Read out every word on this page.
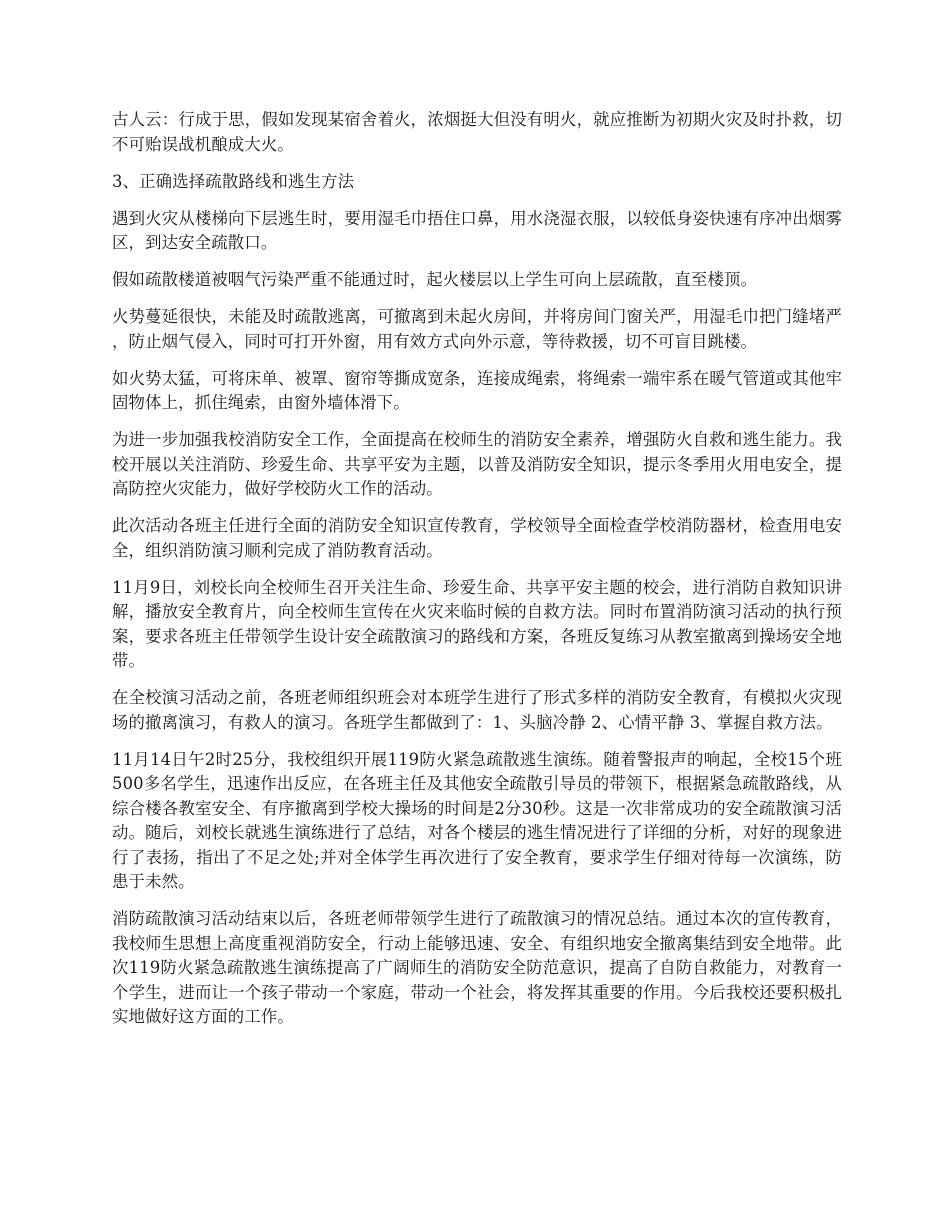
古人云：行成于思，假如发现某宿舍着火，浓烟挺大但没有明火，就应推断为初期火灾及时扑救，切不可贻误战机酿成大火。

3、正确选择疏散路线和逃生方法

遇到火灾从楼梯向下层逃生时，要用湿毛巾捂住口鼻，用水浇湿衣服，以较低身姿快速有序冲出烟雾区，到达安全疏散口。

假如疏散楼道被咽气污染严重不能通过时，起火楼层以上学生可向上层疏散，直至楼顶。

火势蔓延很快，未能及时疏散逃离，可撤离到未起火房间，并将房间门窗关严，用湿毛巾把门缝堵严，防止烟气侵入，同时可打开外窗，用有效方式向外示意，等待救援，切不可盲目跳楼。

如火势太猛，可将床单、被罩、窗帘等撕成宽条，连接成绳索，将绳索一端牢系在暖气管道或其他牢固物体上，抓住绳索，由窗外墙体滑下。

为进一步加强我校消防安全工作，全面提高在校师生的消防安全素养，增强防火自救和逃生能力。我校开展以关注消防、珍爱生命、共享平安为主题，以普及消防安全知识，提示冬季用火用电安全，提高防控火灾能力，做好学校防火工作的活动。

此次活动各班主任进行全面的消防安全知识宣传教育，学校领导全面检查学校消防器材，检查用电安全，组织消防演习顺利完成了消防教育活动。

11月9日，刘校长向全校师生召开关注生命、珍爱生命、共享平安主题的校会，进行消防自救知识讲解，播放安全教育片，向全校师生宣传在火灾来临时候的自救方法。同时布置消防演习活动的执行预案，要求各班主任带领学生设计安全疏散演习的路线和方案，各班反复练习从教室撤离到操场安全地带。

在全校演习活动之前，各班老师组织班会对本班学生进行了形式多样的消防安全教育，有模拟火灾现场的撤离演习，有救人的演习。各班学生都做到了：1、头脑冷静 2、心情平静 3、掌握自救方法。

11月14日午2时25分，我校组织开展119防火紧急疏散逃生演练。随着警报声的响起，全校15个班500多名学生，迅速作出反应，在各班主任及其他安全疏散引导员的带领下，根据紧急疏散路线，从综合楼各教室安全、有序撤离到学校大操场的时间是2分30秒。这是一次非常成功的安全疏散演习活动。随后，刘校长就逃生演练进行了总结，对各个楼层的逃生情况进行了详细的分析，对好的现象进行了表扬，指出了不足之处;并对全体学生再次进行了安全教育，要求学生仔细对待每一次演练，防患于未然。

消防疏散演习活动结束以后，各班老师带领学生进行了疏散演习的情况总结。通过本次的宣传教育，我校师生思想上高度重视消防安全，行动上能够迅速、安全、有组织地安全撤离集结到安全地带。此次119防火紧急疏散逃生演练提高了广阔师生的消防安全防范意识，提高了自防自救能力，对教育一个学生，进而让一个孩子带动一个家庭，带动一个社会，将发挥其重要的作用。今后我校还要积极扎实地做好这方面的工作。
